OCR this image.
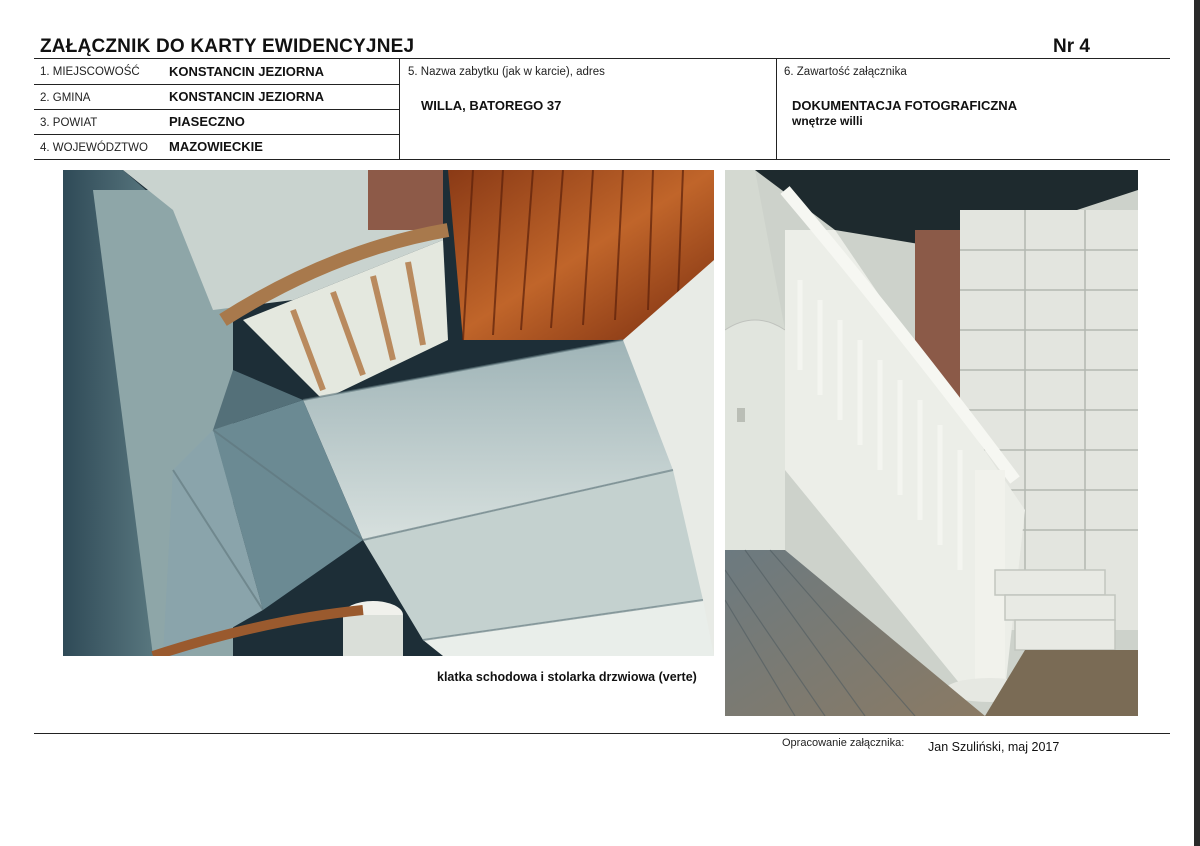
ZAŁĄCZNIK DO KARTY EWIDENCYJNEJ	Nr 4
1. MIEJSCOWOŚĆ KONSTANCIN JEZIORNA
2. GMINA	KONSTANCIN JEZIORNA
3. POWIAT	PIASECZNO
4. WOJEWÓDZTWO MAZOWIECKIE
5. Nazwa zabytku (jak w karcie), adres
WILLA, BATOREGO 37
6. Zawartość załącznika
DOKUMENTACJA FOTOGRAFICZNA
wnętrze willi
klatka schodowa i stolarka drzwiowa (verte)
Opracowanie załącznika: Jan Szuliński, maj 2017
